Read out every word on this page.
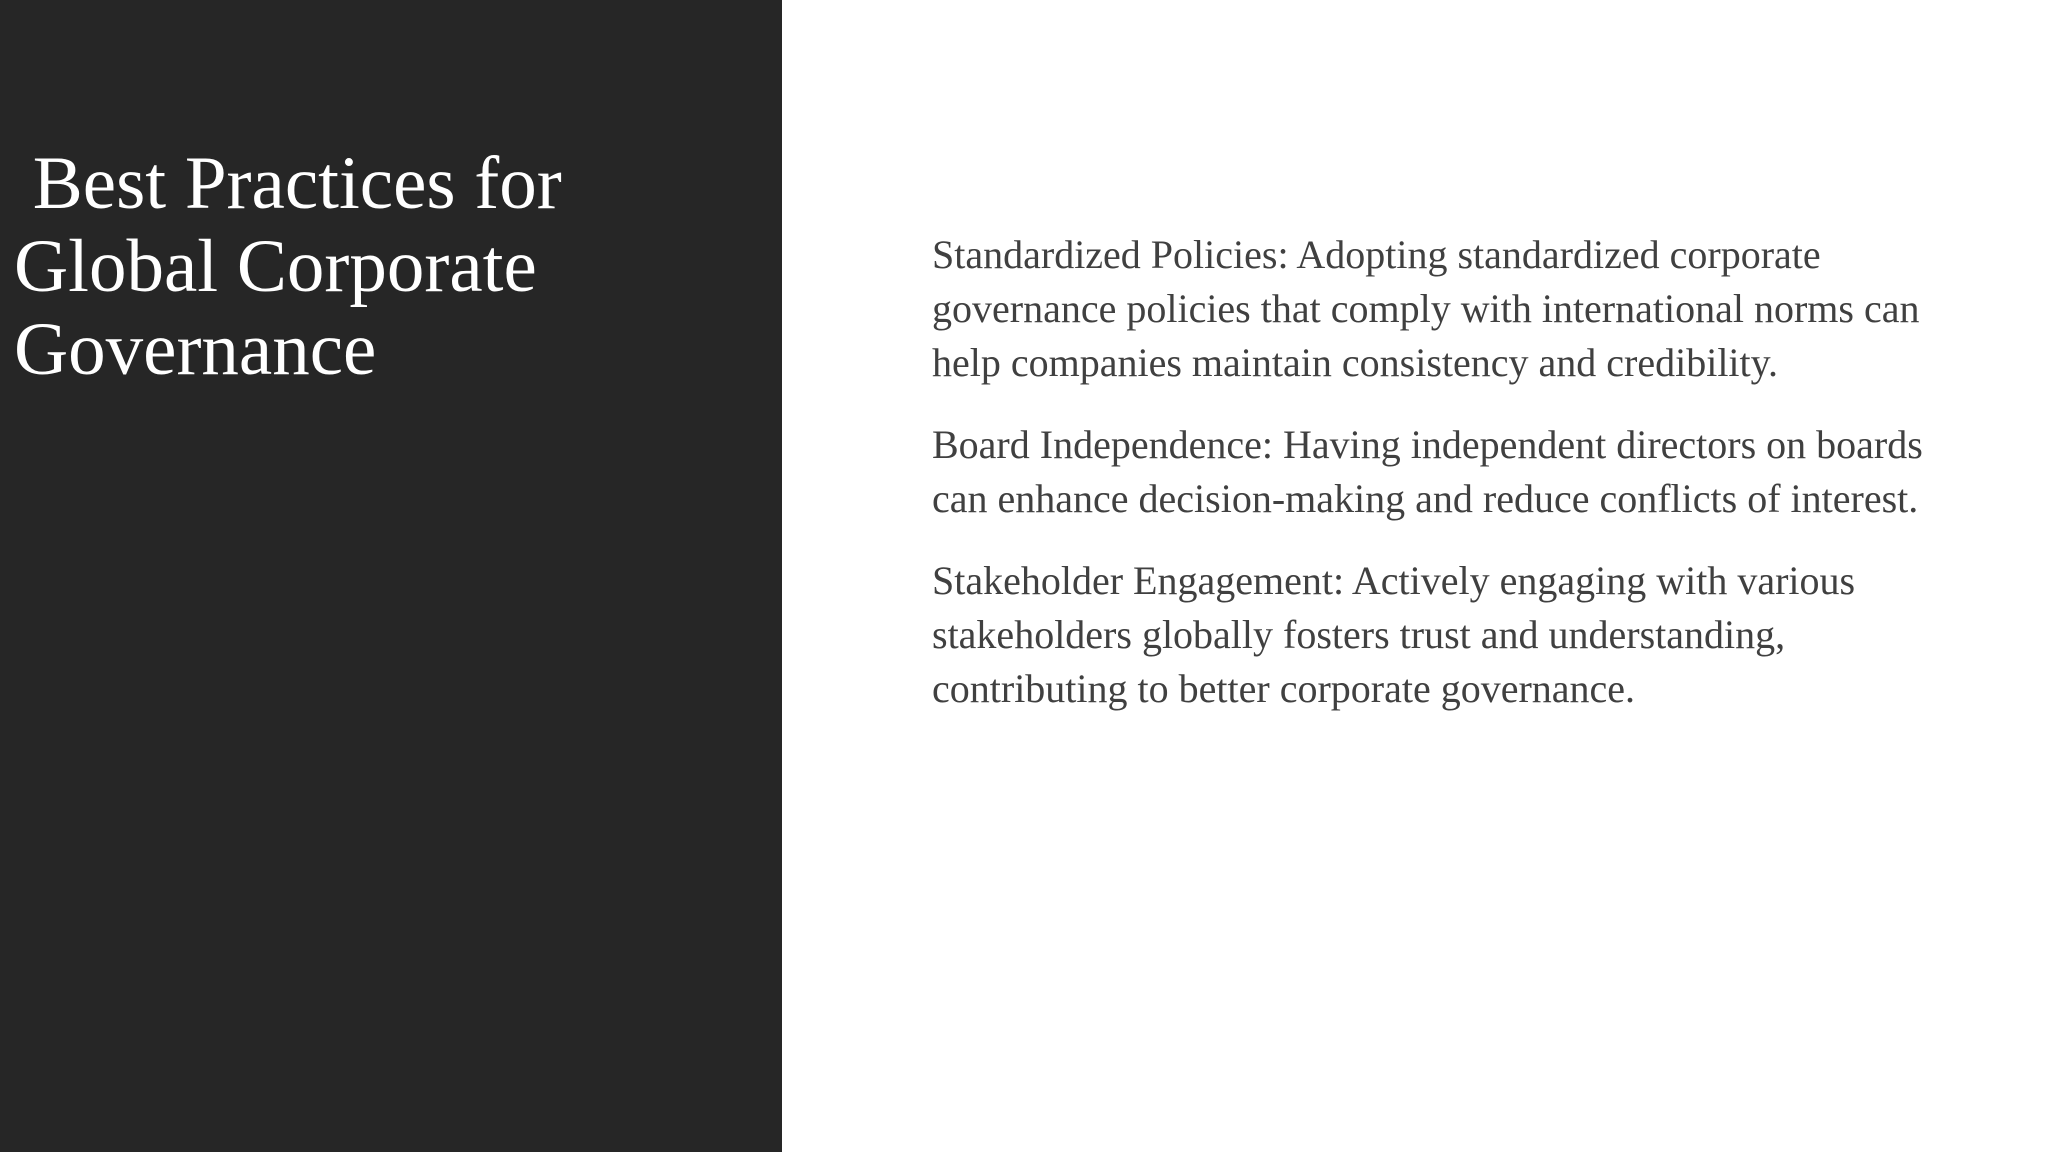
Best Practices for Global Corporate Governance

Standardized Policies: Adopting standardized corporate governance policies that comply with international norms can help companies maintain consistency and credibility.

Board Independence: Having independent directors on boards can enhance decision-making and reduce conflicts of interest.

Stakeholder Engagement: Actively engaging with various stakeholders globally fosters trust and understanding, contributing to better corporate governance.
